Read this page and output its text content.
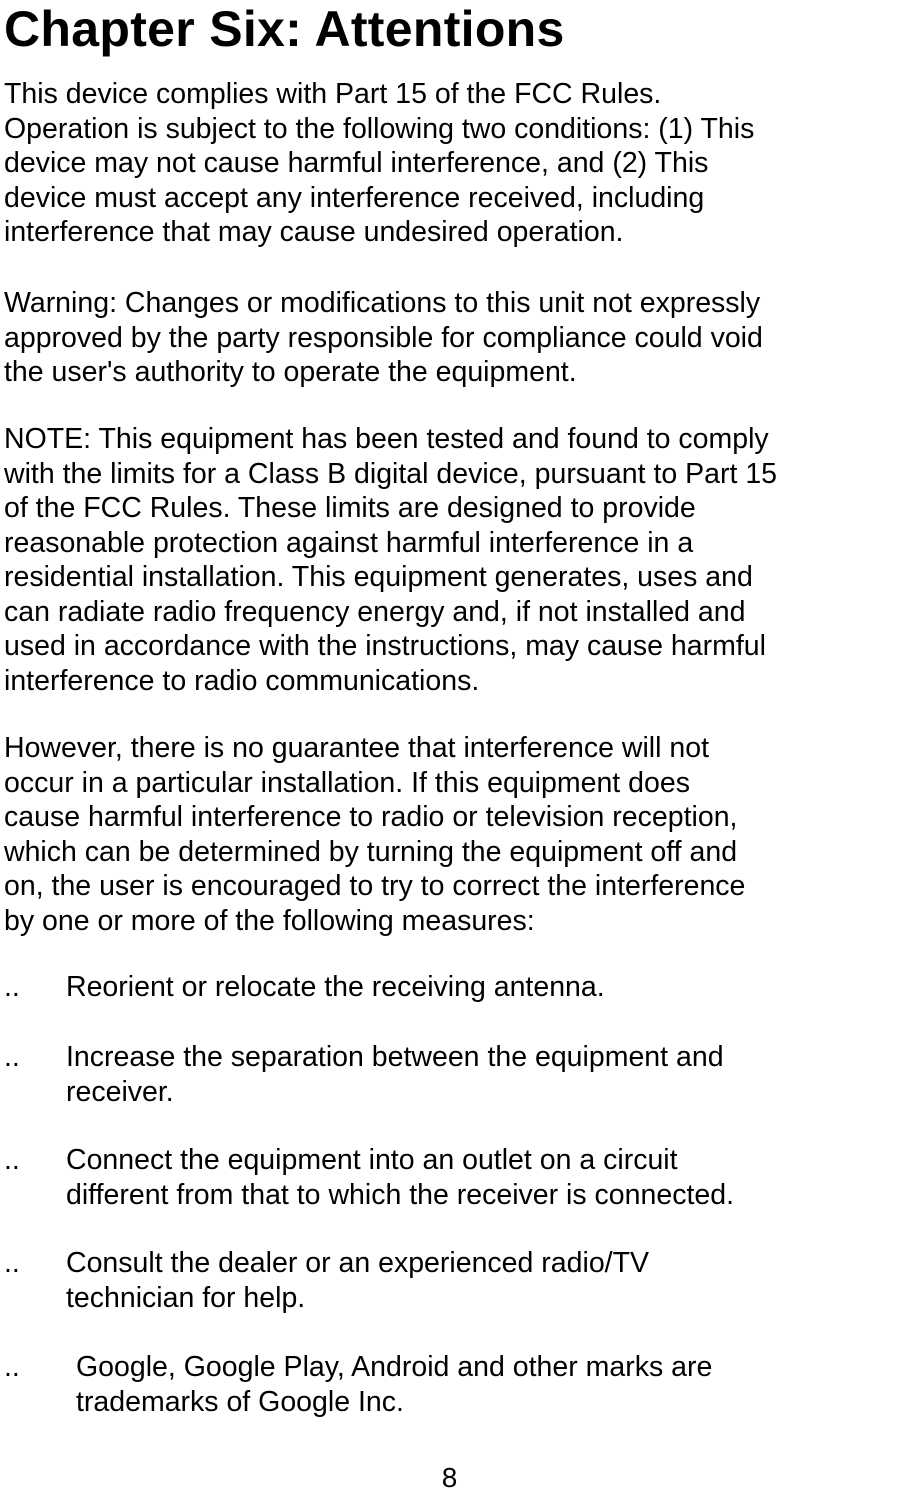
Chapter Six: Attentions

This device complies with Part 15 of the FCC Rules.
Operation is subject to the following two conditions: (1) This
device may not cause harmful interference, and (2) This
device must accept any interference received, including
interference that may cause undesired operation.

Warning: Changes or modifications to this unit not expressly
approved by the party responsible for compliance could void
the user's authority to operate the equipment.

NOTE: This equipment has been tested and found to comply
with the limits for a Class B digital device, pursuant to Part 15
of the FCC Rules. These limits are designed to provide
reasonable protection against harmful interference in a
residential installation. This equipment generates, uses and
can radiate radio frequency energy and, if not installed and
used in accordance with the instructions, may cause harmful
interference to radio communications.

However, there is no guarantee that interference will not
occur in a particular installation. If this equipment does
cause harmful interference to radio or television reception,
which can be determined by turning the equipment off and
on, the user is encouraged to try to correct the interference
by one or more of the following measures:

.. Reorient or relocate the receiving antenna.

.. Increase the separation between the equipment and
receiver.

.. Connect the equipment into an outlet on a circuit
different from that to which the receiver is connected.

.. Consult the dealer or an experienced radio/TV
technician for help.

.. Google, Google Play, Android and other marks are
trademarks of Google Inc.

8
